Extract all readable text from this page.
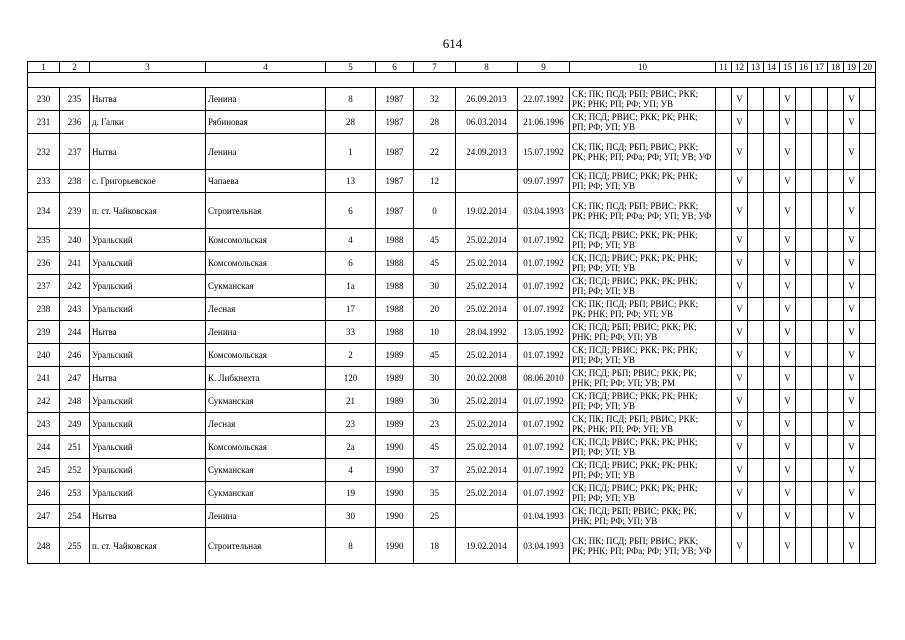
614
1	2	3	4	5	6	7	8	9	10	11	12	13	14	15	16	17	18	19	20

230	235	Нытва	Ленина	8	1987	32	26.09.2013	22.07.1992	СК; ПК; ПСД; РБП; РВИС; РКК; РК; РНК; РП; РФ; УП; УВ		V			V				V	
231	236	д. Галки	Рябиновая	28	1987	28	06.03.2014	21.06.1996	СК; ПСД; РВИС; РКК; РК; РНК; РП; РФ; УП; УВ		V			V				V	
232	237	Нытва	Ленина	1	1987	22	24.09.2013	15.07.1992	СК; ПК; ПСД; РБП; РВИС; РКК; РК; РНК; РП; РФа; РФ; УП; УВ; УФ		V			V				V	
233	238	с. Григорьевское	Чапаева	13	1987	12		09.07.1997	СК; ПСД; РВИС; РКК; РК; РНК; РП; РФ; УП; УВ		V			V				V	
234	239	п. ст. Чайковская	Строительная	6	1987	0	19.02.2014	03.04.1993	СК; ПК; ПСД; РБП; РВИС; РКК; РК; РНК; РП; РФа; РФ; УП; УВ; УФ		V			V				V	
235	240	Уральский	Комсомольская	4	1988	45	25.02.2014	01.07.1992	СК; ПСД; РВИС; РКК; РК; РНК; РП; РФ; УП; УВ		V			V				V	
236	241	Уральский	Комсомольская	6	1988	45	25.02.2014	01.07.1992	СК; ПСД; РВИС; РКК; РК; РНК; РП; РФ; УП; УВ		V			V				V	
237	242	Уральский	Сукманская	1а	1988	30	25.02.2014	01.07.1992	СК; ПСД; РВИС; РКК; РК; РНК; РП; РФ; УП; УВ		V			V				V	
238	243	Уральский	Лесная	17	1988	20	25.02.2014	01.07.1992	СК; ПК; ПСД; РБП; РВИС; РКК; РК; РНК; РП; РФ; УП; УВ		V			V				V	
239	244	Нытва	Ленина	33	1988	10	28.04.1992	13.05.1992	СК; ПСД; РБП; РВИС; РКК; РК; РНК; РП; РФ; УП; УВ		V			V				V	
240	246	Уральский	Комсомольская	2	1989	45	25.02.2014	01.07.1992	СК; ПСД; РВИС; РКК; РК; РНК; РП; РФ; УП; УВ		V			V				V	
241	247	Нытва	К. Либкнехта	120	1989	30	20.02.2008	08.06.2010	СК; ПСД; РБП; РВИС; РКК; РК; РНК; РП; РФ; УП; УВ; РМ		V			V				V	
242	248	Уральский	Сукманская	21	1989	30	25.02.2014	01.07.1992	СК; ПСД; РВИС; РКК; РК; РНК; РП; РФ; УП; УВ		V			V				V	
243	249	Уральский	Лесная	23	1989	23	25.02.2014	01.07.1992	СК; ПК; ПСД; РБП; РВИС; РКК; РК; РНК; РП; РФ; УП; УВ		V			V				V	
244	251	Уральский	Комсомольская	2а	1990	45	25.02.2014	01.07.1992	СК; ПСД; РВИС; РКК; РК; РНК; РП; РФ; УП; УВ		V			V				V	
245	252	Уральский	Сукманская	4	1990	37	25.02.2014	01.07.1992	СК; ПСД; РВИС; РКК; РК; РНК; РП; РФ; УП; УВ		V			V				V	
246	253	Уральский	Сукманская	19	1990	35	25.02.2014	01.07.1992	СК; ПСД; РВИС; РКК; РК; РНК; РП; РФ; УП; УВ		V			V				V	
247	254	Нытва	Ленина	30	1990	25		01.04.1993	СК; ПСД; РБП; РВИС; РКК; РК; РНК; РП; РФ; УП; УВ		V			V				V	
248	255	п. ст. Чайковская	Строительная	8	1990	18	19.02.2014	03.04.1993	СК; ПК; ПСД; РБП; РВИС; РКК; РК; РНК; РП; РФа; РФ; УП; УВ; УФ		V			V				V	
